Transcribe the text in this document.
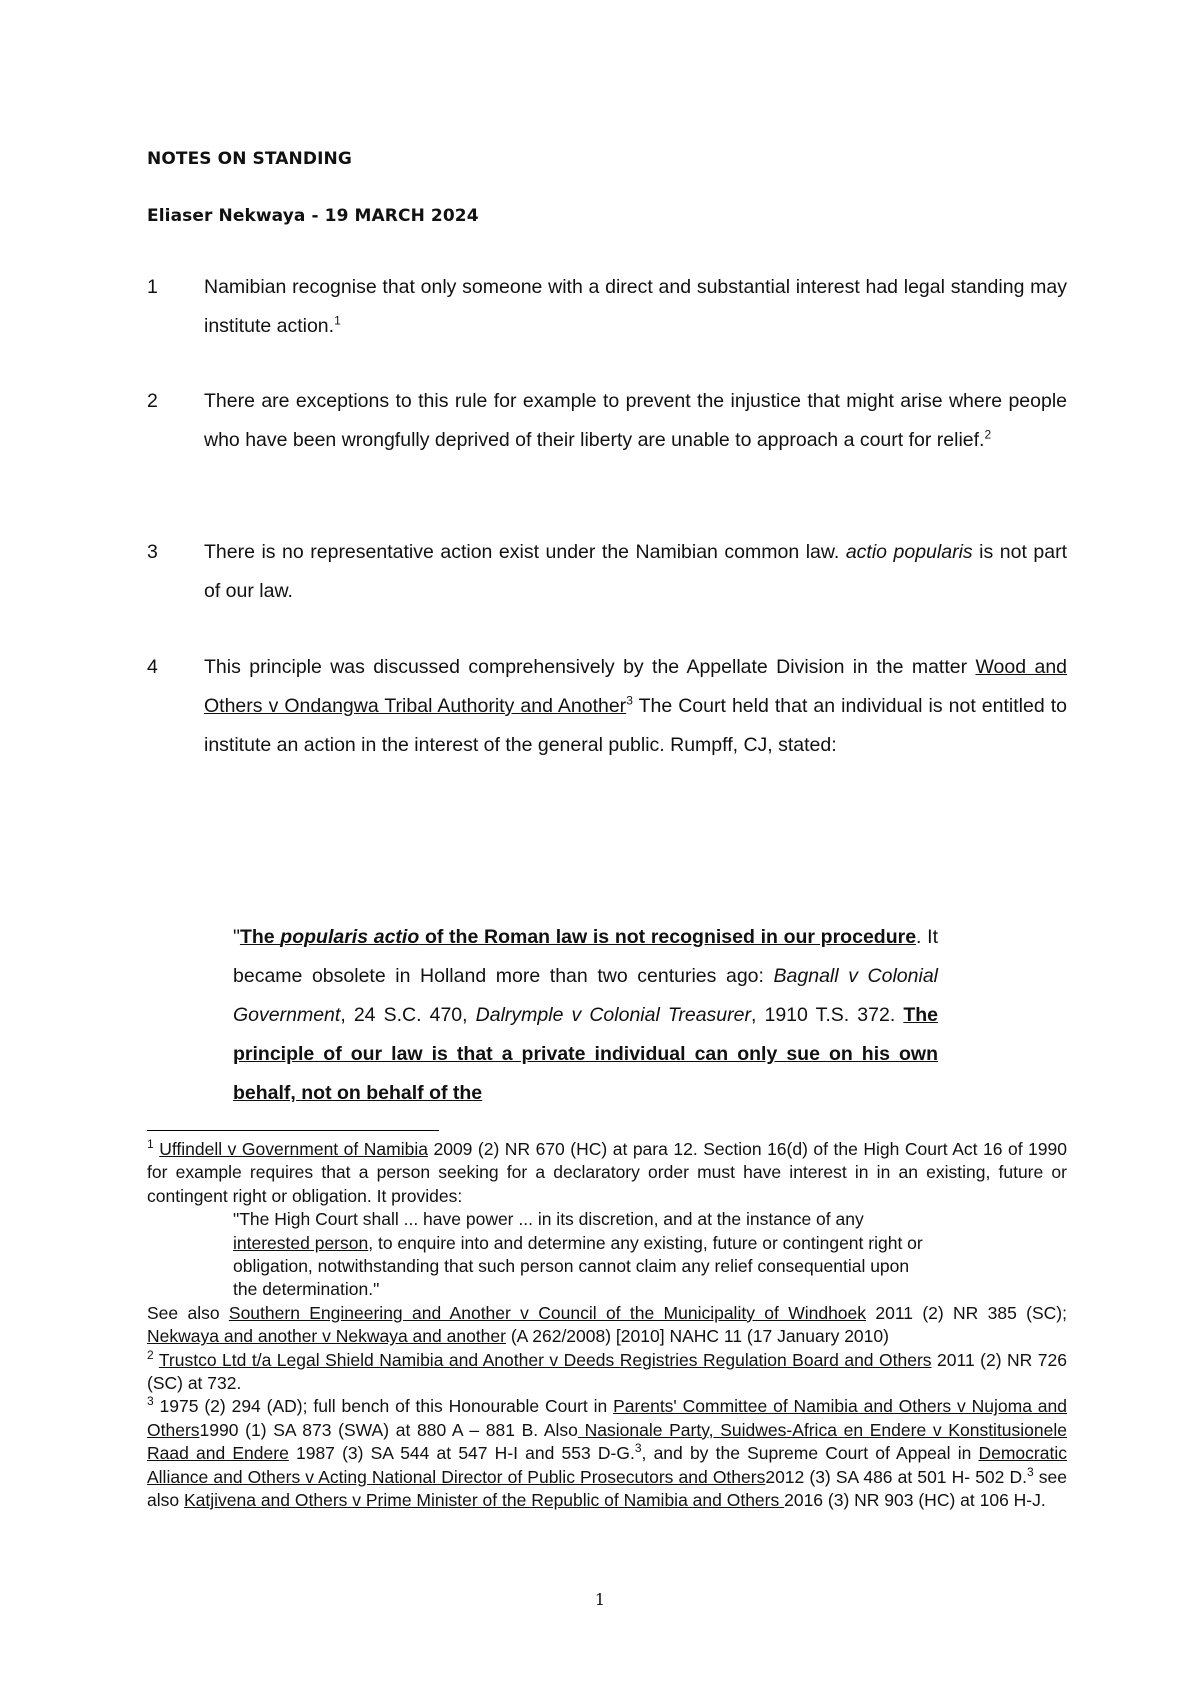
NOTES ON STANDING
Eliaser Nekwaya - 19 MARCH 2024
1 Namibian recognise that only someone with a direct and substantial interest had legal standing may institute action.$^1$
2 There are exceptions to this rule for example to prevent the injustice that might arise where people who have been wrongfully deprived of their liberty are unable to approach a court for relief.$^2$
3 There is no representative action exist under the Namibian common law. actio popularis is not part of our law.
4 This principle was discussed comprehensively by the Appellate Division in the matter Wood and Others v Ondangwa Tribal Authority and Another$^3$ The Court held that an individual is not entitled to institute an action in the interest of the general public. Rumpff, CJ, stated:
"The popularis actio of the Roman law is not recognised in our procedure. It became obsolete in Holland more than two centuries ago: Bagnall v Colonial Government, 24 S.C. 470, Dalrymple v Colonial Treasurer, 1910 T.S. 372. The principle of our law is that a private individual can only sue on his own behalf, not on behalf of the

$^1$ Uffindell v Government of Namibia 2009 (2) NR 670 (HC) at para 12. Section 16(d) of the High Court Act 16 of 1990 for example requires that a person seeking for a declaratory order must have interest in in an existing, future or contingent right or obligation. It provides:

"The High Court shall ... have power ... in its discretion, and at the instance of any interested person, to enquire into and determine any existing, future or contingent right or obligation, notwithstanding that such person cannot claim any relief consequential upon the determination."

See also Southern Engineering and Another v Council of the Municipality of Windhoek 2011 (2) NR 385 (SC); Nekwaya and another v Nekwaya and another (A 262/2008) [2010] NAHC 11 (17 January 2010)

$^2$ Trustco Ltd t/a Legal Shield Namibia and Another v Deeds Registries Regulation Board and Others 2011 (2) NR 726 (SC) at 732.

$^3$ 1975 (2) 294 (AD); full bench of this Honourable Court in Parents' Committee of Namibia and Others v Nujoma and Others1990 (1) SA 873 (SWA) at 880 A – 881 B. Also Nasionale Party, Suidwes-Africa en Endere v Konstitusionele Raad and Endere 1987 (3) SA 544 at 547 H-I and 553 D-G.$^3$, and by the Supreme Court of Appeal in Democratic Alliance and Others v Acting National Director of Public Prosecutors and Others2012 (3) SA 486 at 501 H- 502 D.$^3$ see also Katjivena and Others v Prime Minister of the Republic of Namibia and Others 2016 (3) NR 903 (HC) at 106 H-J.

1
